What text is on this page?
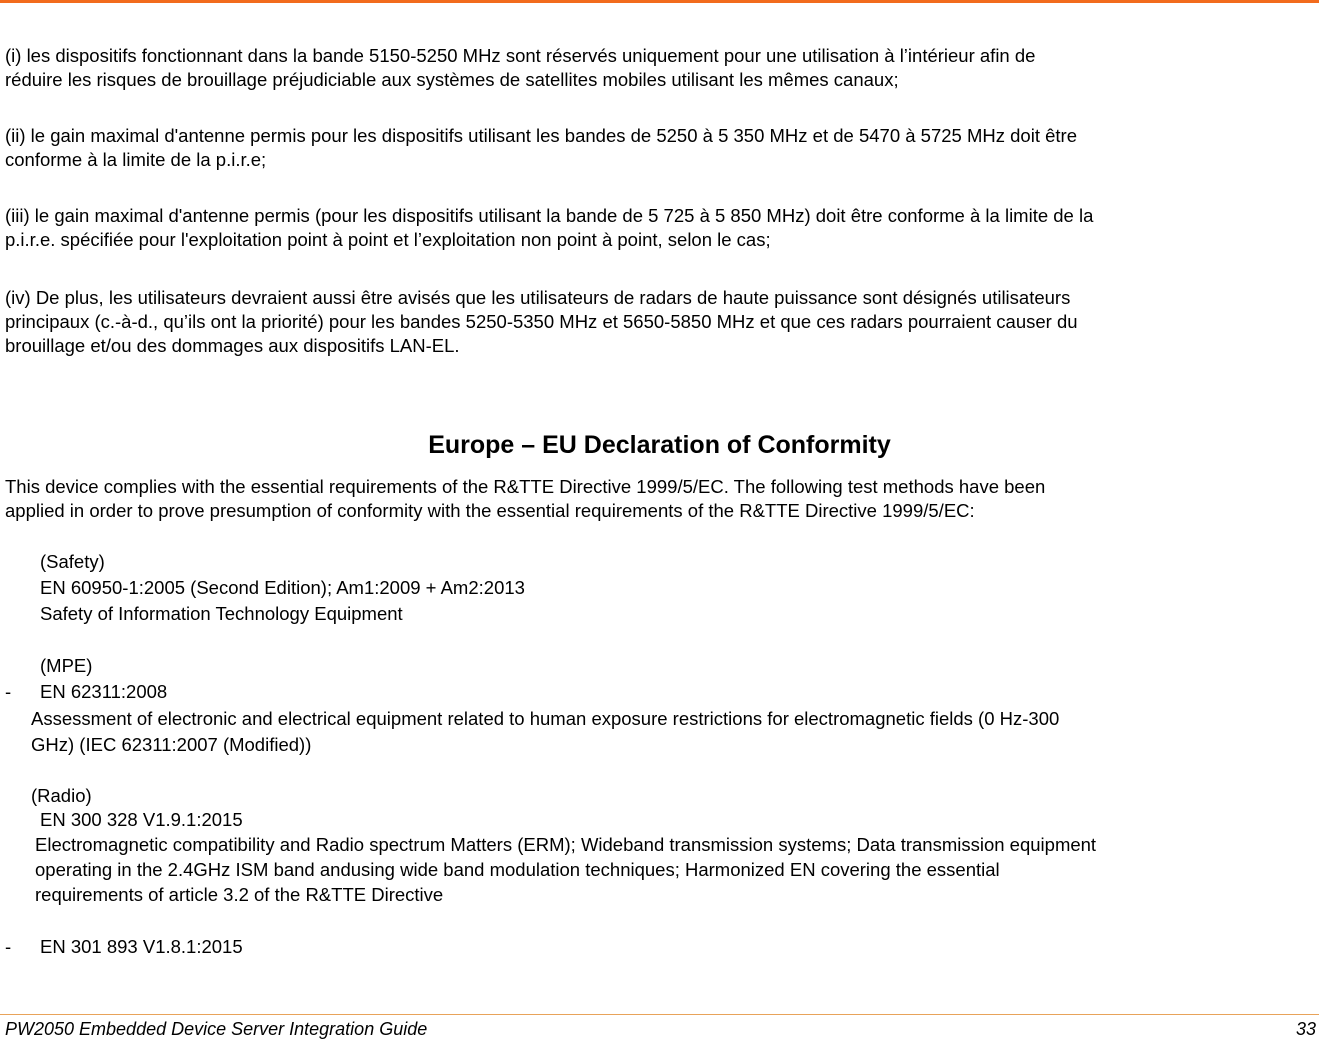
(i) les dispositifs fonctionnant dans la bande 5150-5250 MHz sont réservés uniquement pour une utilisation à l’intérieur afin de
réduire les risques de brouillage préjudiciable aux systèmes de satellites mobiles utilisant les mêmes canaux;
(ii) le gain maximal d'antenne permis pour les dispositifs utilisant les bandes de 5250 à 5 350 MHz et de 5470 à 5725 MHz doit être
conforme à la limite de la p.i.r.e;
(iii) le gain maximal d'antenne permis (pour les dispositifs utilisant la bande de 5 725 à 5 850 MHz) doit être conforme à la limite de la
p.i.r.e. spécifiée pour l'exploitation point à point et l’exploitation non point à point, selon le cas;
(iv) De plus, les utilisateurs devraient aussi être avisés que les utilisateurs de radars de haute puissance sont désignés utilisateurs
principaux (c.-à-d., qu’ils ont la priorité) pour les bandes 5250-5350 MHz et 5650-5850 MHz et que ces radars pourraient causer du
brouillage et/ou des dommages aux dispositifs LAN-EL.
Europe – EU Declaration of Conformity
This device complies with the essential requirements of the R&TTE Directive 1999/5/EC. The following test methods have been
applied in order to prove presumption of conformity with the essential requirements of the R&TTE Directive 1999/5/EC:
(Safety)
EN 60950-1:2005 (Second Edition); Am1:2009 + Am2:2013
Safety of Information Technology Equipment
(MPE)
- EN 62311:2008
Assessment of electronic and electrical equipment related to human exposure restrictions for electromagnetic fields (0 Hz-300
GHz) (IEC 62311:2007 (Modified))
(Radio)
EN 300 328 V1.9.1:2015
Electromagnetic compatibility and Radio spectrum Matters (ERM); Wideband transmission systems; Data transmission equipment
operating in the 2.4GHz ISM band andusing wide band modulation techniques; Harmonized EN covering the essential
requirements of article 3.2 of the R&TTE Directive
- EN 301 893 V1.8.1:2015
PW2050 Embedded Device Server Integration Guide	33
